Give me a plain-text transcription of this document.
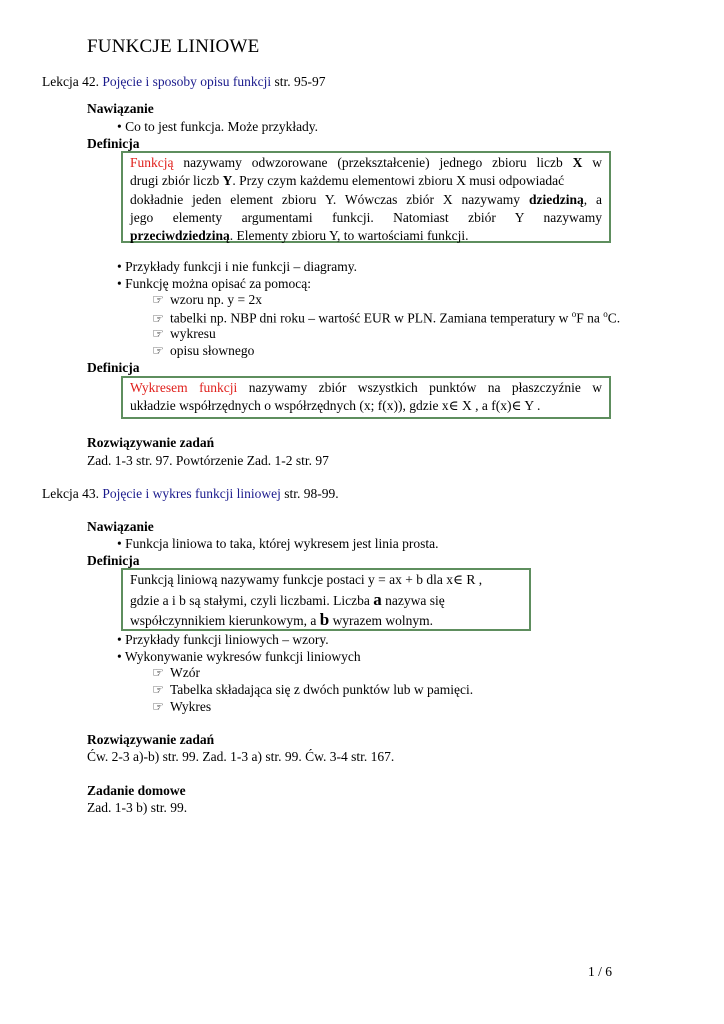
FUNKCJE LINIOWE
Lekcja 42. Pojęcie i sposoby opisu funkcji str. 95-97
Nawiązanie
• Co to jest funkcja. Może przykłady.
Definicja
Funkcją nazywamy odwzorowane (przekształcenie) jednego zbioru liczb X w
drugi zbiór liczb Y. Przy czym każdemu elementowi zbioru X musi odpowiadać
dokładnie jeden element zbioru Y. Wówczas zbiór X nazywamy dziedziną, a
jego elementy argumentami funkcji. Natomiast zbiór Y nazywamy
przeciwdziedziną. Elementy zbioru Y, to wartościami funkcji.
• Przykłady funkcji i nie funkcji – diagramy.
• Funkcję można opisać za pomocą:
☞ wzoru np. y = 2x
☞ tabelki np. NBP dni roku – wartość EUR w PLN. Zamiana temperatury w $^o$F na $^o$C.
☞ wykresu
☞ opisu słownego
Definicja
Wykresem funkcji nazywamy zbiór wszystkich punktów na płaszczyźnie w
układzie współrzędnych o współrzędnych (x; f(x)), gdzie x∈ X , a f(x)∈ Y .
Rozwiązywanie zadań
Zad. 1-3 str. 97. Powtórzenie Zad. 1-2 str. 97
Lekcja 43. Pojęcie i wykres funkcji liniowej str. 98-99.
Nawiązanie
• Funkcja liniowa to taka, której wykresem jest linia prosta.
Definicja
Funkcją liniową nazywamy funkcje postaci y = ax + b dla x∈ R ,
gdzie a i b są stałymi, czyli liczbami. Liczba a nazywa się
współczynnikiem kierunkowym, a b wyrazem wolnym.
• Przykłady funkcji liniowych – wzory.
• Wykonywanie wykresów funkcji liniowych
☞ Wzór
☞ Tabelka składająca się z dwóch punktów lub w pamięci.
☞ Wykres
Rozwiązywanie zadań
Ćw. 2-3 a)-b) str. 99. Zad. 1-3 a) str. 99. Ćw. 3-4 str. 167.
Zadanie domowe
Zad. 1-3 b) str. 99.
1 / 6
